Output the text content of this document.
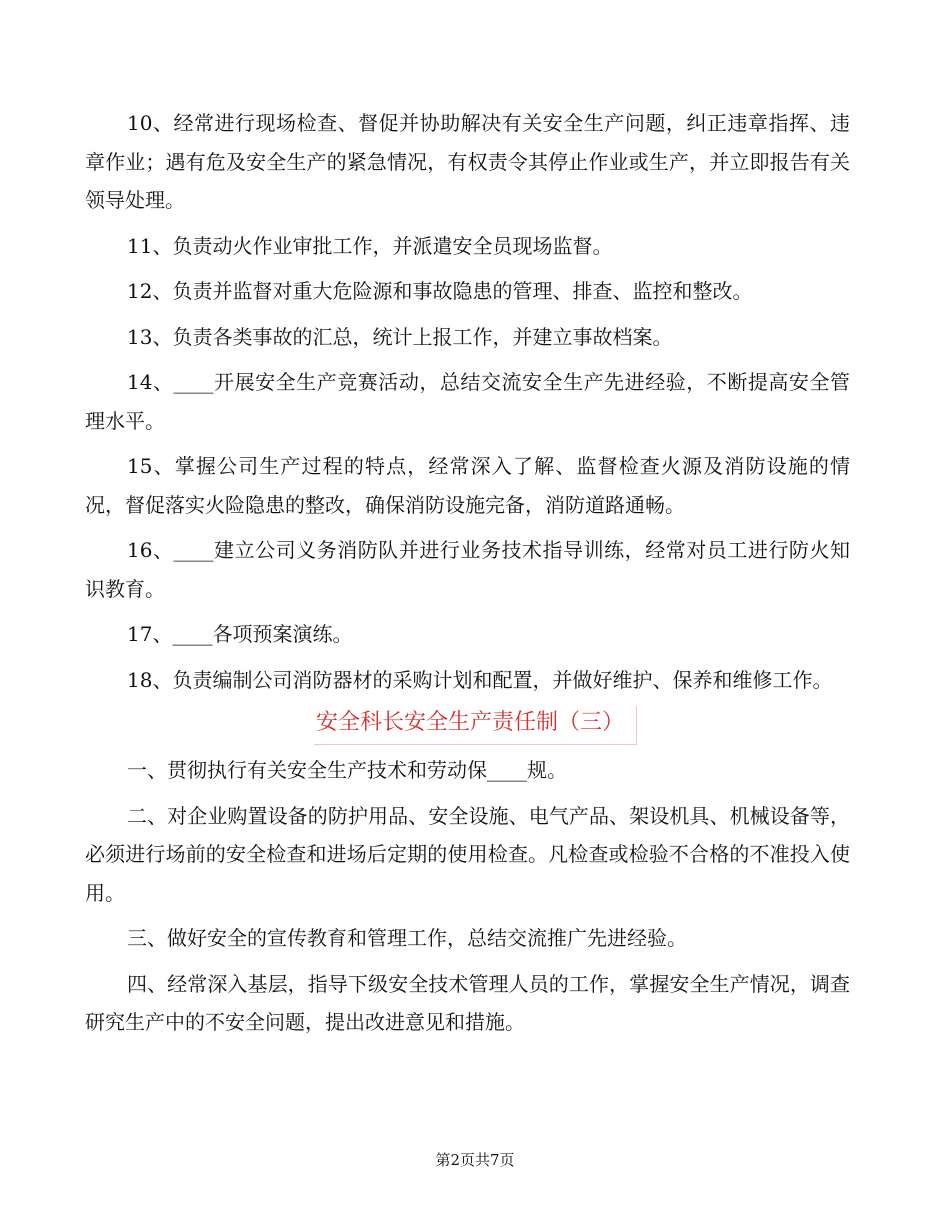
10、经常进行现场检查、督促并协助解决有关安全生产问题，纠正违章指挥、违章作业；遇有危及安全生产的紧急情况，有权责令其停止作业或生产，并立即报告有关领导处理。

11、负责动火作业审批工作，并派遣安全员现场监督。

12、负责并监督对重大危险源和事故隐患的管理、排查、监控和整改。

13、负责各类事故的汇总，统计上报工作，并建立事故档案。

14、____开展安全生产竞赛活动，总结交流安全生产先进经验，不断提高安全管理水平。

15、掌握公司生产过程的特点，经常深入了解、监督检查火源及消防设施的情况，督促落实火险隐患的整改，确保消防设施完备，消防道路通畅。

16、____建立公司义务消防队并进行业务技术指导训练，经常对员工进行防火知识教育。

17、____各项预案演练。

18、负责编制公司消防器材的采购计划和配置，并做好维护、保养和维修工作。

安全科长安全生产责任制（三）

一、贯彻执行有关安全生产技术和劳动保____规。

二、对企业购置设备的防护用品、安全设施、电气产品、架设机具、机械设备等，必须进行场前的安全检查和进场后定期的使用检查。凡检查或检验不合格的不准投入使用。

三、做好安全的宣传教育和管理工作，总结交流推广先进经验。

四、经常深入基层，指导下级安全技术管理人员的工作，掌握安全生产情况，调查研究生产中的不安全问题，提出改进意见和措施。

第2页共7页
